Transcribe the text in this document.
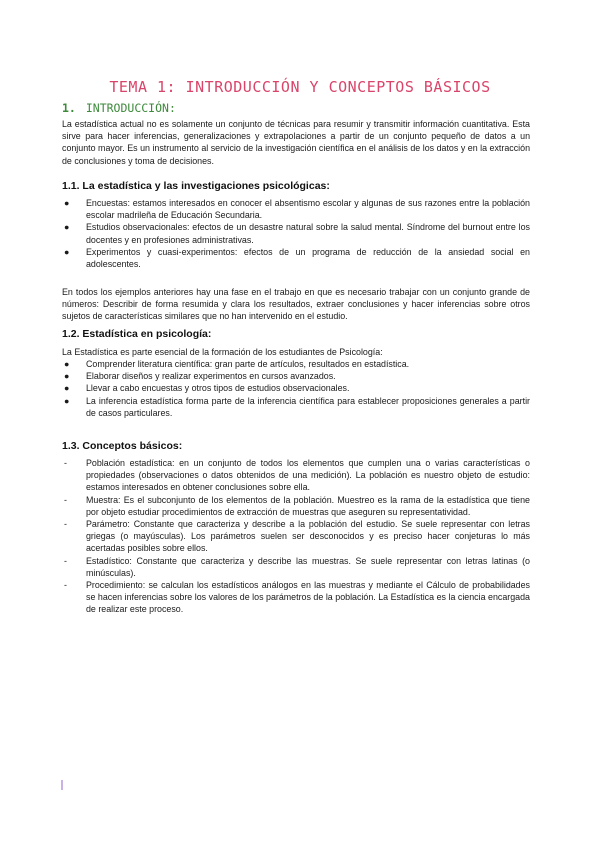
TEMA 1: INTRODUCCIÓN Y CONCEPTOS BÁSICOS
1. INTRODUCCIÓN:
La estadística actual no es solamente un conjunto de técnicas para resumir y transmitir información cuantitativa. Esta sirve para hacer inferencias, generalizaciones y extrapolaciones a partir de un conjunto pequeño de datos a un conjunto mayor. Es un instrumento al servicio de la investigación científica en el análisis de los datos y en la extracción de conclusiones y toma de decisiones.
1.1. La estadística y las investigaciones psicológicas:
● Encuestas: estamos interesados en conocer el absentismo escolar y algunas de sus razones entre la población escolar madrileña de Educación Secundaria.
● Estudios observacionales: efectos de un desastre natural sobre la salud mental. Síndrome del burnout entre los docentes y en profesiones administrativas.
● Experimentos y cuasi-experimentos: efectos de un programa de reducción de la ansiedad social en adolescentes.
En todos los ejemplos anteriores hay una fase en el trabajo en que es necesario trabajar con un conjunto grande de números: Describir de forma resumida y clara los resultados, extraer conclusiones y hacer inferencias sobre otros sujetos de características similares que no han intervenido en el estudio.
1.2. Estadística en psicología:
La Estadística es parte esencial de la formación de los estudiantes de Psicología:
● Comprender literatura científica: gran parte de artículos, resultados en estadística.
● Elaborar diseños y realizar experimentos en cursos avanzados.
● Llevar a cabo encuestas y otros tipos de estudios observacionales.
● La inferencia estadística forma parte de la inferencia científica para establecer proposiciones generales a partir de casos particulares.
1.3. Conceptos básicos:
- Población estadística: en un conjunto de todos los elementos que cumplen una o varias características o propiedades (observaciones o datos obtenidos de una medición). La población es nuestro objeto de estudio: estamos interesados en obtener conclusiones sobre ella.
- Muestra: Es el subconjunto de los elementos de la población. Muestreo es la rama de la estadística que tiene por objeto estudiar procedimientos de extracción de muestras que aseguren su representatividad.
- Parámetro: Constante que caracteriza y describe a la población del estudio. Se suele representar con letras griegas (o mayúsculas). Los parámetros suelen ser desconocidos y es preciso hacer conjeturas lo más acertadas posibles sobre ellos.
- Estadístico: Constante que caracteriza y describe las muestras. Se suele representar con letras latinas (o minúsculas).
- Procedimiento: se calculan los estadísticos análogos en las muestras y mediante el Cálculo de probabilidades se hacen inferencias sobre los valores de los parámetros de la población. La Estadística es la ciencia encargada de realizar este proceso.
